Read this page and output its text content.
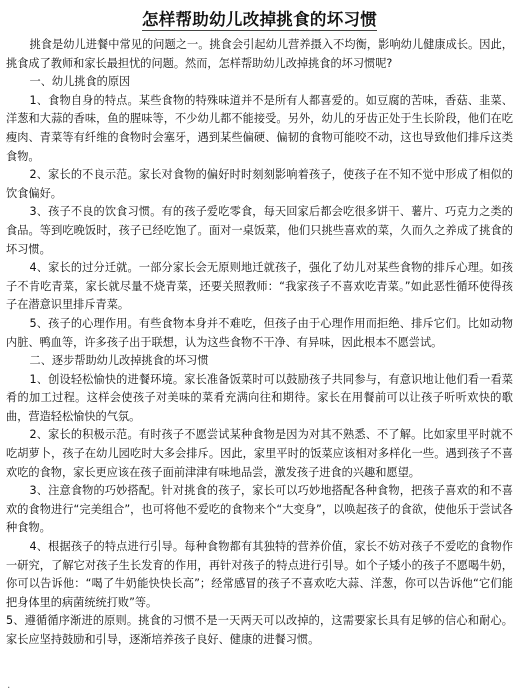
怎样帮助幼儿改掉挑食的坏习惯

挑食是幼儿进餐中常见的问题之一。挑食会引起幼儿营养摄入不均衡，影响幼儿健康成长。因此，挑食成了教师和家长最担忧的问题。然而，怎样帮助幼儿改掉挑食的坏习惯呢?

一、幼儿挑食的原因

1、食物自身的特点。某些食物的特殊味道并不是所有人都喜爱的。如豆腐的苦味，香菇、韭菜、洋葱和大蒜的香味，鱼的腥味等，不少幼儿都不能接受。另外，幼儿的牙齿正处于生长阶段，他们在吃瘦肉、青菜等有纤维的食物时会塞牙，遇到某些偏硬、偏韧的食物可能咬不动，这也导致他们排斥这类食物。

2、家长的不良示范。家长对食物的偏好时时刻刻影响着孩子，使孩子在不知不觉中形成了相似的饮食偏好。

3、孩子不良的饮食习惯。有的孩子爱吃零食，每天回家后都会吃很多饼干、薯片、巧克力之类的食品。等到吃晚饭时，孩子已经吃饱了。面对一桌饭菜，他们只挑些喜欢的菜，久而久之养成了挑食的坏习惯。

4、家长的过分迁就。一部分家长会无原则地迁就孩子，强化了幼儿对某些食物的排斥心理。如孩子不肯吃青菜，家长就尽量不烧青菜，还要关照教师：“我家孩子不喜欢吃青菜。”如此恶性循环使得孩子在潜意识里排斥青菜。

5、孩子的心理作用。有些食物本身并不难吃，但孩子由于心理作用而拒绝、排斥它们。比如动物内脏、鸭血等，许多孩子出于联想，认为这些食物不干净、有异味，因此根本不愿尝试。

二、逐步帮助幼儿改掉挑食的坏习惯

1、创设轻松愉快的进餐环境。家长准备饭菜时可以鼓励孩子共同参与，有意识地让他们看一看菜肴的加工过程。这样会使孩子对美味的菜肴充满向往和期待。家长在用餐前可以让孩子听听欢快的歌曲，营造轻松愉快的气氛。

2、家长的积极示范。有时孩子不愿尝试某种食物是因为对其不熟悉、不了解。比如家里平时就不吃胡萝卜，孩子在幼儿园吃时大多会排斥。因此，家里平时的饭菜应该相对多样化一些。遇到孩子不喜欢吃的食物，家长更应该在孩子面前津津有味地品尝，激发孩子进食的兴趣和愿望。

3、注意食物的巧妙搭配。针对挑食的孩子，家长可以巧妙地搭配各种食物，把孩子喜欢的和不喜欢的食物进行“完美组合”，也可将他不爱吃的食物来个“大变身”，以唤起孩子的食欲，使他乐于尝试各种食物。

4、根据孩子的特点进行引导。每种食物都有其独特的营养价值，家长不妨对孩子不爱吃的食物作一研究，了解它对孩子生长发育的作用，再针对孩子的特点进行引导。如个子矮小的孩子不愿喝牛奶，你可以告诉他：“喝了牛奶能快快长高”；经常感冒的孩子不喜欢吃大蒜、洋葱，你可以告诉他“它们能把身体里的病菌统统打败”等。

5、遵循循序渐进的原则。挑食的习惯不是一天两天可以改掉的，这需要家长具有足够的信心和耐心。家长应坚持鼓励和引导，逐渐培养孩子良好、健康的进餐习惯。

۰
